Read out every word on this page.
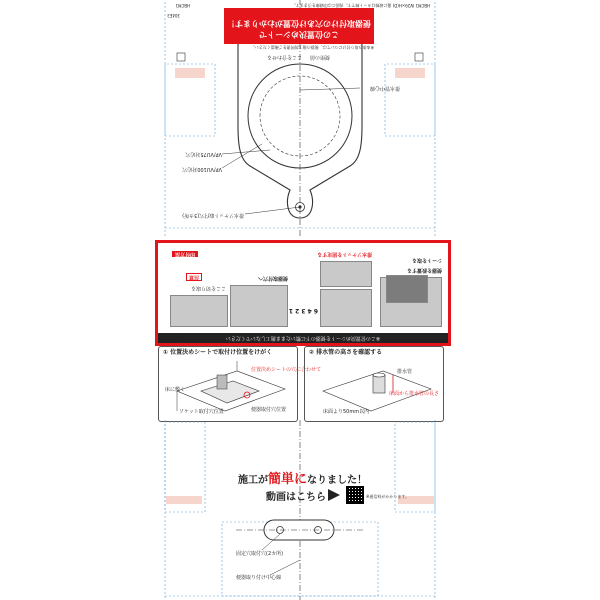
排水ソケット取付穴(3カ所)
VP/VU100対応穴
VP/VU75対応穴
排水管中心線
便座の前
ここを合わせる
この位置決めシートで
便器取付けの穴あけ位置がわかります！
※本体の取り付けについては、便器の施工説明書をご確認ください。
HBCM1 W29×H(D) 裏に破線はカット線です。表面には印刷線を引きます。
HBCM1
304E3
※この位置決めシートを便器の下に敷いたまま施工しないでください
便器を設置する
シートを取る
6 4 3 2 1
排水ソケットを固定する
便器取付穴へ
ここを切り取る
注意
印付方法
取付方法
① 位置決めシートで取付け位置をけがく
床に敷く
位置決めシートの穴に合わせて
便器取付穴位置
ソケット取付穴位置
② 排水管の高さを確認する
排水管
床面より50mm以内
床面から排水管の長さ
施工が簡単になりました！
動画はこちら	※通信料がかかります。
固定穴取付穴(2カ所)
便器取り付け中心線
